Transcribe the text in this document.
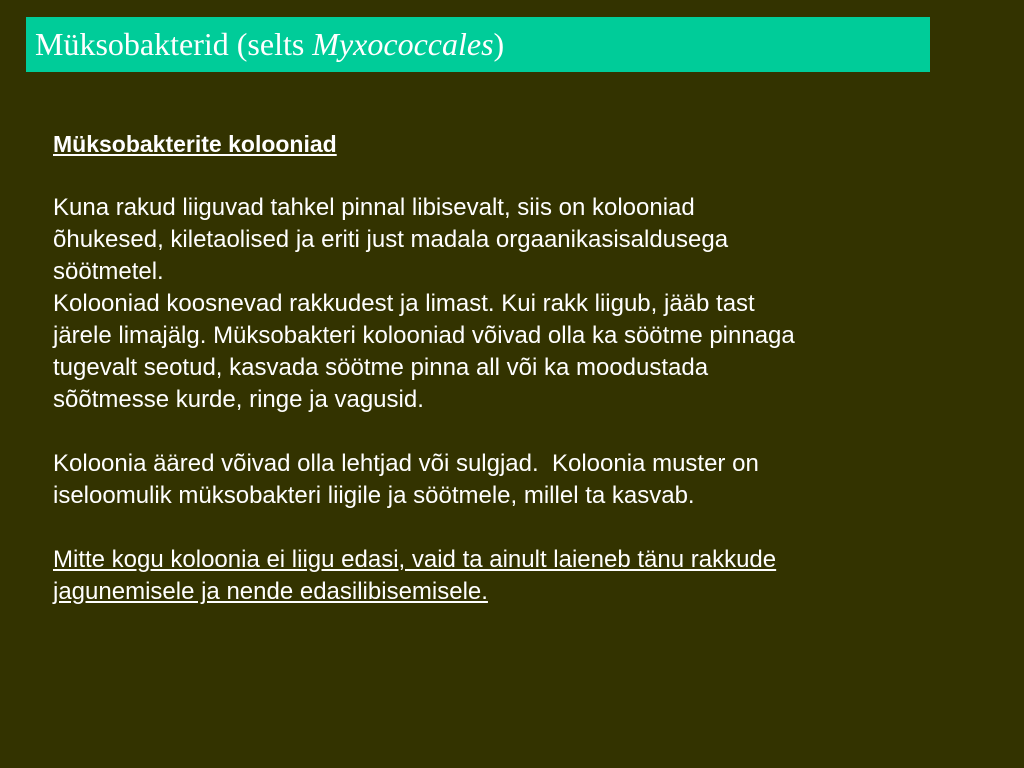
Müksobakterid (selts Myxococcales)

Müksobakterite kolooniad

Kuna rakud liiguvad tahkel pinnal libisevalt, siis on kolooniad

õhukesed, kiletaolised ja eriti just madala orgaanikasisaldusega

söötmetel.

Kolooniad koosnevad rakkudest ja limast. Kui rakk liigub, jääb tast

järele limajälg. Müksobakteri kolooniad võivad olla ka söötme pinnaga

tugevalt seotud, kasvada söötme pinna all või ka moodustada

sõõtmesse kurde, ringe ja vagusid.

Koloonia ääred võivad olla lehtjad või sulgjad.  Koloonia muster on

iseloomulik müksobakteri liigile ja söötmele, millel ta kasvab.

Mitte kogu koloonia ei liigu edasi, vaid ta ainult laieneb tänu rakkude

jagunemisele ja nende edasilibisemisele.
